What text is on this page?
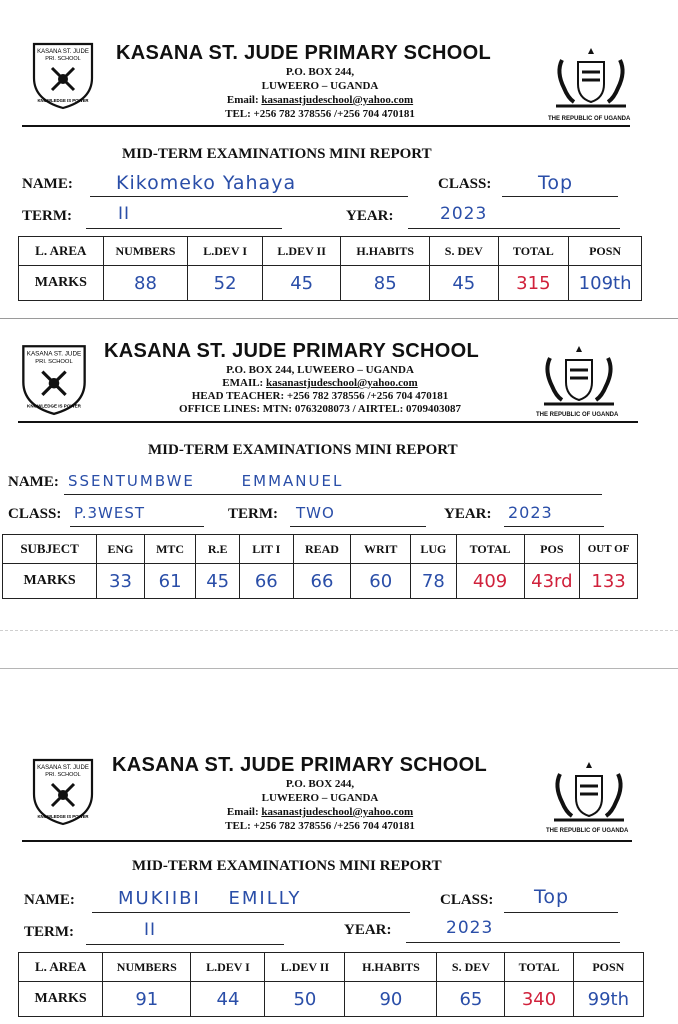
KASANA ST. JUDE
PRI. SCHOOL
KNOWLEDGE IS POWER
KASANA ST. JUDE PRIMARY SCHOOL
P.O. BOX 244,
LUWEERO – UGANDA
Email: kasanastjudeschool@yahoo.com
TEL: +256 782 378556 /+256 704 470181	THE REPUBLIC OF UGANDA
MID-TERM EXAMINATIONS MINI REPORT
NAME: Kikomeko Yahaya	CLASS: Top
TERM:	II	YEAR:	2023
L. AREA	NUMBERS	L.DEV I	L.DEV II	H.HABITS	S. DEV	TOTAL	POSN
MARKS	88	52	45	85	45	315	109th
KASANA ST. JUDE
PRI. SCHOOL
KNOWLEDGE IS POWER
KASANA ST. JUDE PRIMARY SCHOOL
P.O. BOX 244, LUWEERO – UGANDA
EMAIL: kasanastjudeschool@yahoo.com
HEAD TEACHER: +256 782 378556 /+256 704 470181
OFFICE LINES: MTN: 0763208073 / AIRTEL: 0709403087	THE REPUBLIC OF UGANDA
MID-TERM EXAMINATIONS MINI REPORT
NAME: SSENTUMBWE EMMANUEL
CLASS: P.3WEST	TERM: TWO	YEAR: 2023
SUBJECT	ENG	MTC	R.E	LIT I	READ	WRIT	LUG	TOTAL	POS	OUT OF
MARKS	33	61	45	66	66	60	78	409	43rd	133
KASANA ST. JUDE
PRI. SCHOOL
KNOWLEDGE IS POWER
KASANA ST. JUDE PRIMARY SCHOOL
P.O. BOX 244,
LUWEERO – UGANDA
Email: kasanastjudeschool@yahoo.com
TEL: +256 782 378556 /+256 704 470181	THE REPUBLIC OF UGANDA
MID-TERM EXAMINATIONS MINI REPORT
NAME: MUKIIBI EMILLY	CLASS: Top
TERM:	II	YEAR:	2023
L. AREA	NUMBERS	L.DEV I	L.DEV II	H.HABITS	S. DEV	TOTAL	POSN
MARKS	91	44	50	90	65	340	99th
